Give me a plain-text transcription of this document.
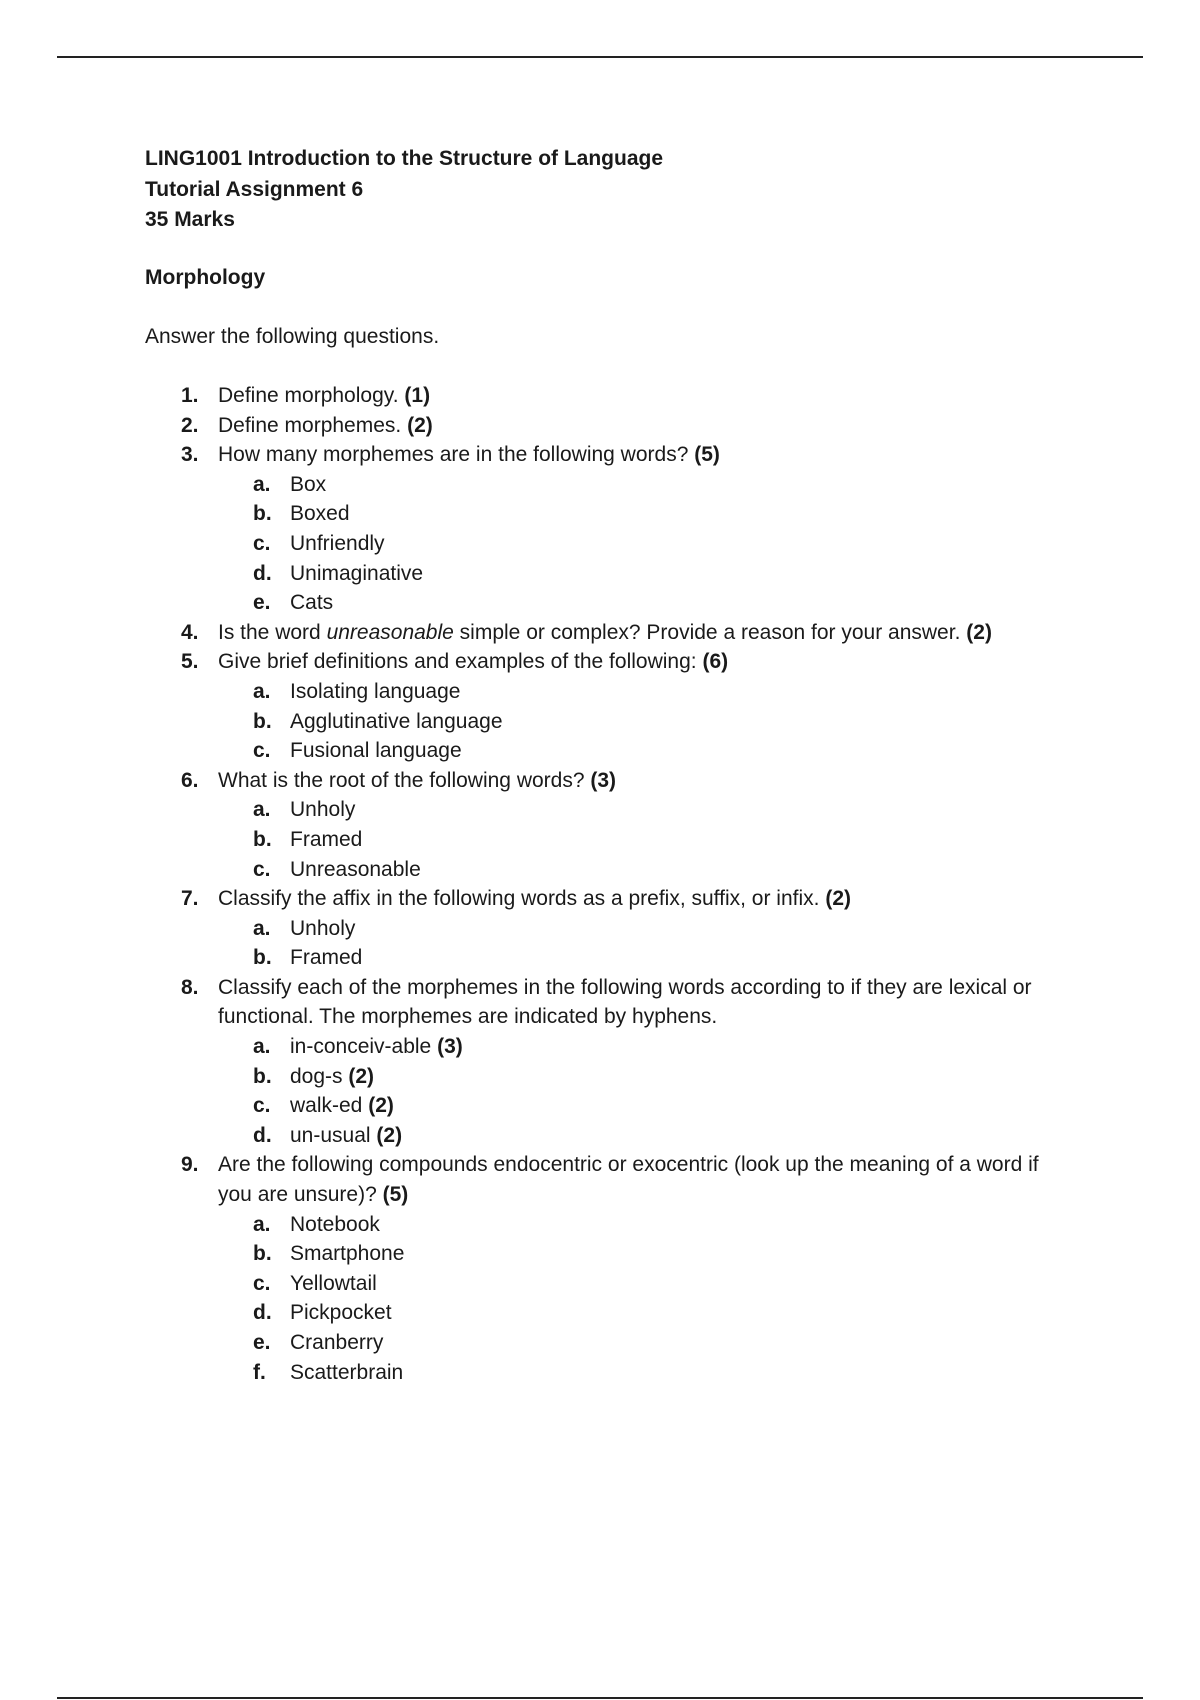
LING1001 Introduction to the Structure of Language
Tutorial Assignment 6
35 Marks
Morphology
Answer the following questions.
1. Define morphology. (1)
2. Define morphemes. (2)
3. How many morphemes are in the following words? (5)
a. Box
b. Boxed
c. Unfriendly
d. Unimaginative
e. Cats
4. Is the word unreasonable simple or complex? Provide a reason for your answer. (2)
5. Give brief definitions and examples of the following: (6)
a. Isolating language
b. Agglutinative language
c. Fusional language
6. What is the root of the following words? (3)
a. Unholy
b. Framed
c. Unreasonable
7. Classify the affix in the following words as a prefix, suffix, or infix. (2)
a. Unholy
b. Framed
8. Classify each of the morphemes in the following words according to if they are lexical or functional. The morphemes are indicated by hyphens.
a. in-conceiv-able (3)
b. dog-s (2)
c. walk-ed (2)
d. un-usual (2)
9. Are the following compounds endocentric or exocentric (look up the meaning of a word if you are unsure)? (5)
a. Notebook
b. Smartphone
c. Yellowtail
d. Pickpocket
e. Cranberry
f. Scatterbrain
